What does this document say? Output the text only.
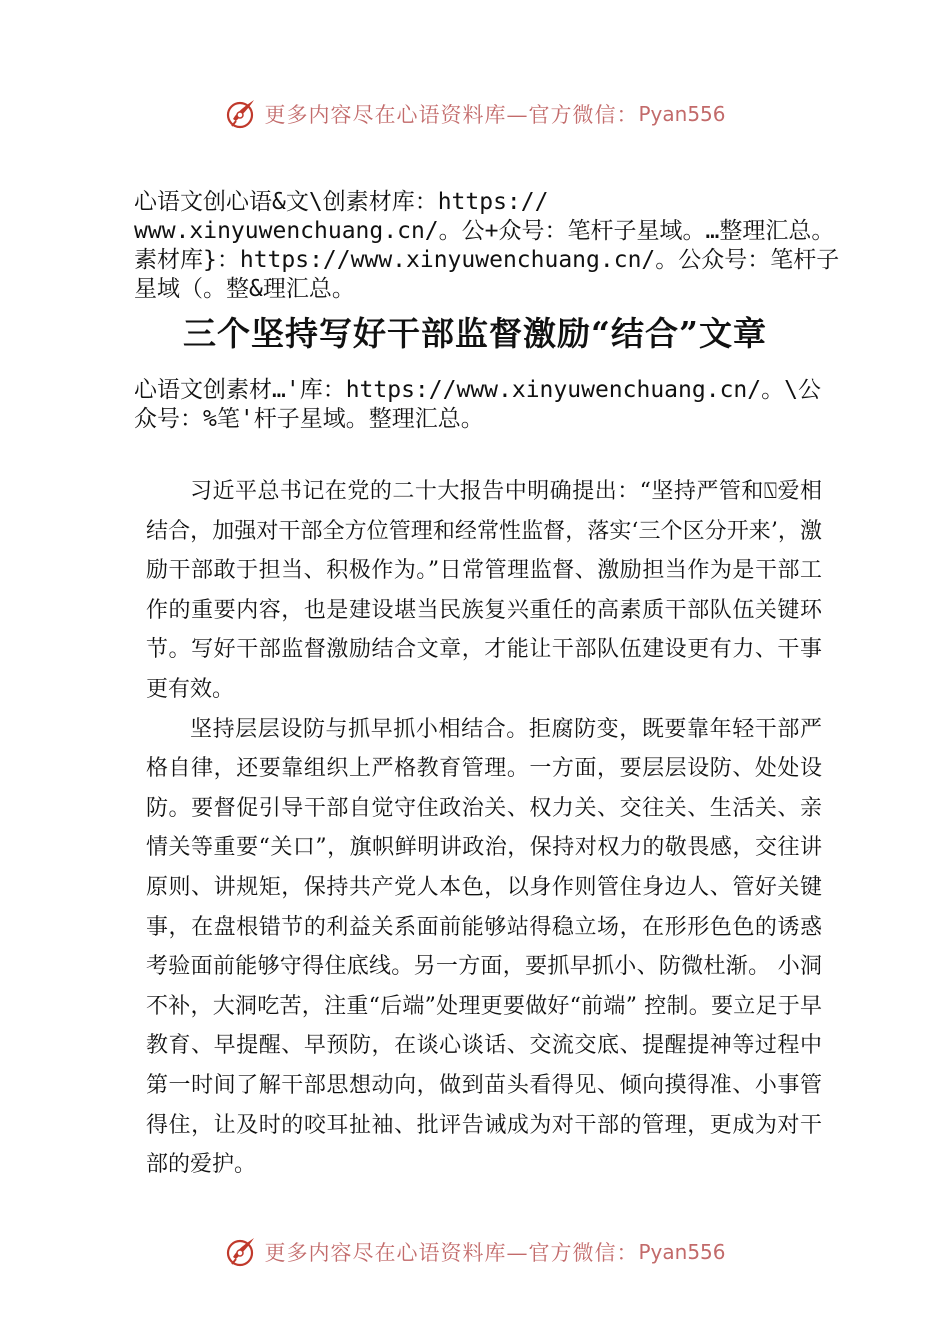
更多内容尽在心语资料库—官方微信： Pyan556
心语文创心语&文\创素材库：https://
www.xinyuwenchuang.cn/。公+众号：笔杆子星域。…整理汇总。
素材库}：https://www.xinyuwenchuang.cn/。公众号：笔杆子
星域（。整&理汇总。
三个坚持写好干部监督激励“结合”文章
心语文创素材…'库：https://www.xinyuwenchuang.cn/。\公
众号：%笔'杆子星域。整理汇总。

习近平总书记在党的二十大报告中明确提出：“坚持严管和⍂爱相结合，加强对干部全方位管理和经常性监督，落实‘三个区分开来’，激励干部敢于担当、积极作为。”日常管理监督、激励担当作为是干部工作的重要内容，也是建设堪当民族复兴重任的高素质干部队伍关键环节。写好干部监督激励结合文章，才能让干部队伍建设更有力、干事更有效。

坚持层层设防与抓早抓小相结合。拒腐防变，既要靠年轻干部严格自律，还要靠组织上严格教育管理。一方面，要层层设防、处处设防。要督促引导干部自觉守住政治关、权力关、交往关、生活关、亲情关等重要“关口”，旗帜鲜明讲政治，保持对权力的敬畏感，交往讲原则、讲规矩，保持共产党人本色，以身作则管住身边人、管好关键事，在盘根错节的利益关系面前能够站得稳立场，在形形色色的诱惑考验面前能够守得住底线。另一方面，要抓早抓小、防微杜渐。 小洞不补，大洞吃苦，注重“后端”处理更要做好“前端” 控制。要立足于早教育、早提醒、早预防，在谈心谈话、交流交底、提醒提神等过程中第一时间了解干部思想动向，做到苗头看得见、倾向摸得准、小事管得住，让及时的咬耳扯袖、批评告诫成为对干部的管理，更成为对干部的爱护。

更多内容尽在心语资料库—官方微信： Pyan556
